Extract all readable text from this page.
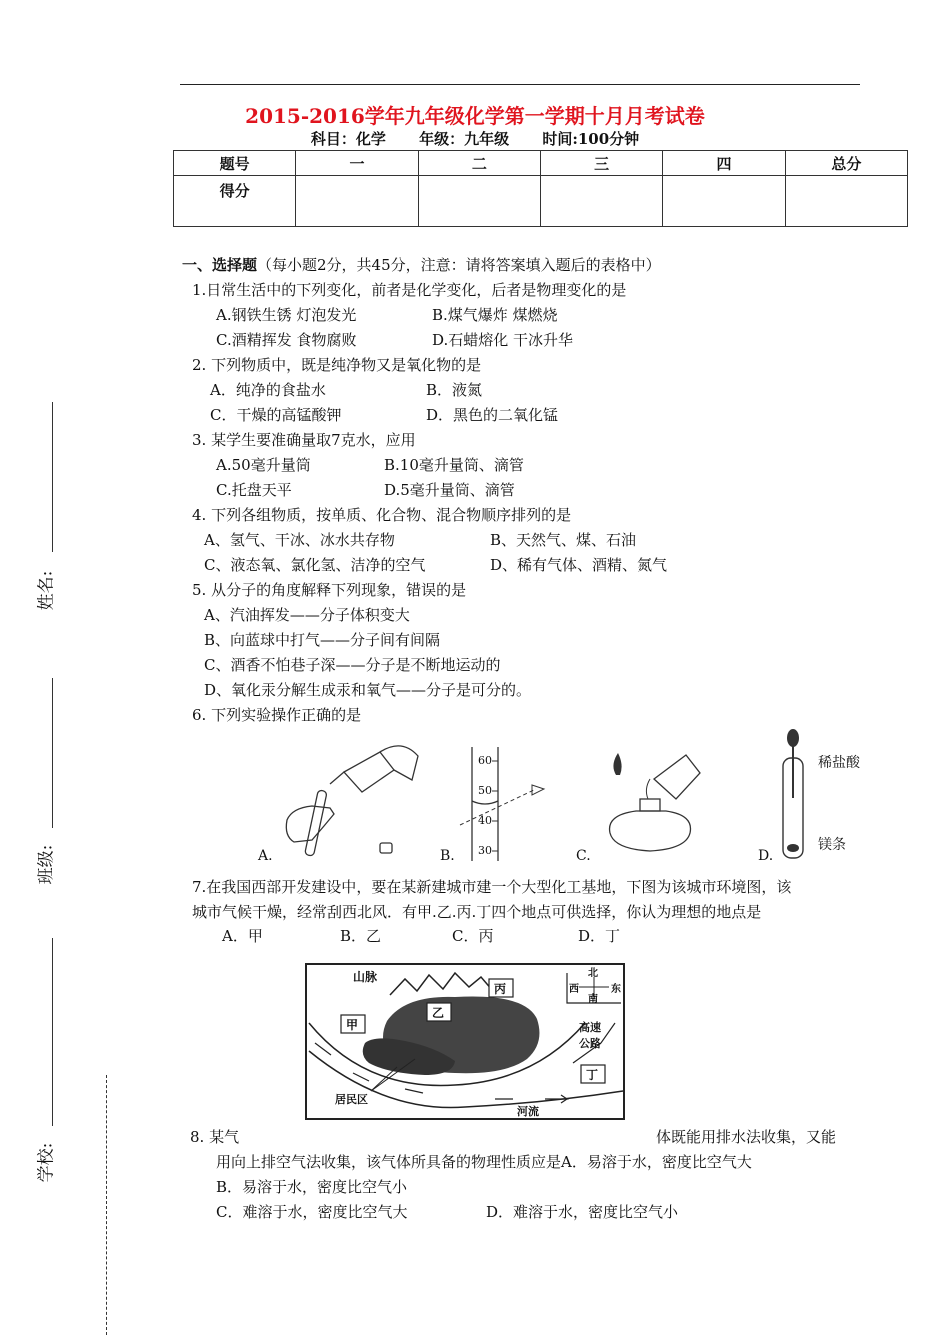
2015-2016学年九年级化学第一学期十月月考试卷
科目：化学 年级：九年级 时间:100分钟
题号	一	二	三	四	总分
得分					
姓名:
班级:
学校:
一、选择题（每小题2分，共45分，注意：请将答案填入题后的表格中）
1.日常生活中的下列变化，前者是化学变化，后者是物理变化的是
A.钢铁生锈 灯泡发光	B.煤气爆炸 煤燃烧
C.酒精挥发 食物腐败	D.石蜡熔化 干冰升华
2. 下列物质中，既是纯净物又是氧化物的是
A．纯净的食盐水	B．液氮
C．干燥的高锰酸钾	D．黑色的二氧化锰
3. 某学生要准确量取7克水，应用
A.50毫升量筒	B.10毫升量筒、滴管
C.托盘天平	D.5毫升量筒、滴管
4. 下列各组物质，按单质、化合物、混合物顺序排列的是
A、氢气、干冰、冰水共存物	B、天然气、煤、石油
C、液态氧、氯化氢、洁净的空气	D、稀有气体、酒精、氮气
5. 从分子的角度解释下列现象，错误的是
A、汽油挥发——分子体积变大
B、向蓝球中打气——分子间有间隔
C、酒香不怕巷子深——分子是不断地运动的
D、氧化汞分解生成汞和氧气——分子是可分的。
6. 下列实验操作正确的是
A.
60
50
40
30
B.	C.
稀盐酸
镁条
D.
7.在我国西部开发建设中，要在某新建城市建一个大型化工基地，下图为该城市环境图，该
城市气候干燥，经常刮西北风．有甲.乙.丙.丁四个地点可供选择，你认为理想的地点是
A．甲	B．乙	C．丙	D．丁
山脉
甲
乙
丙
丁
居民区
河流
高速
公路
北
西	东
南
8. 某气	体既能用排水法收集，又能
用向上排空气法收集，该气体所具备的物理性质应是A．易溶于水，密度比空气大
B．易溶于水，密度比空气小
C．难溶于水，密度比空气大	D．难溶于水，密度比空气小
